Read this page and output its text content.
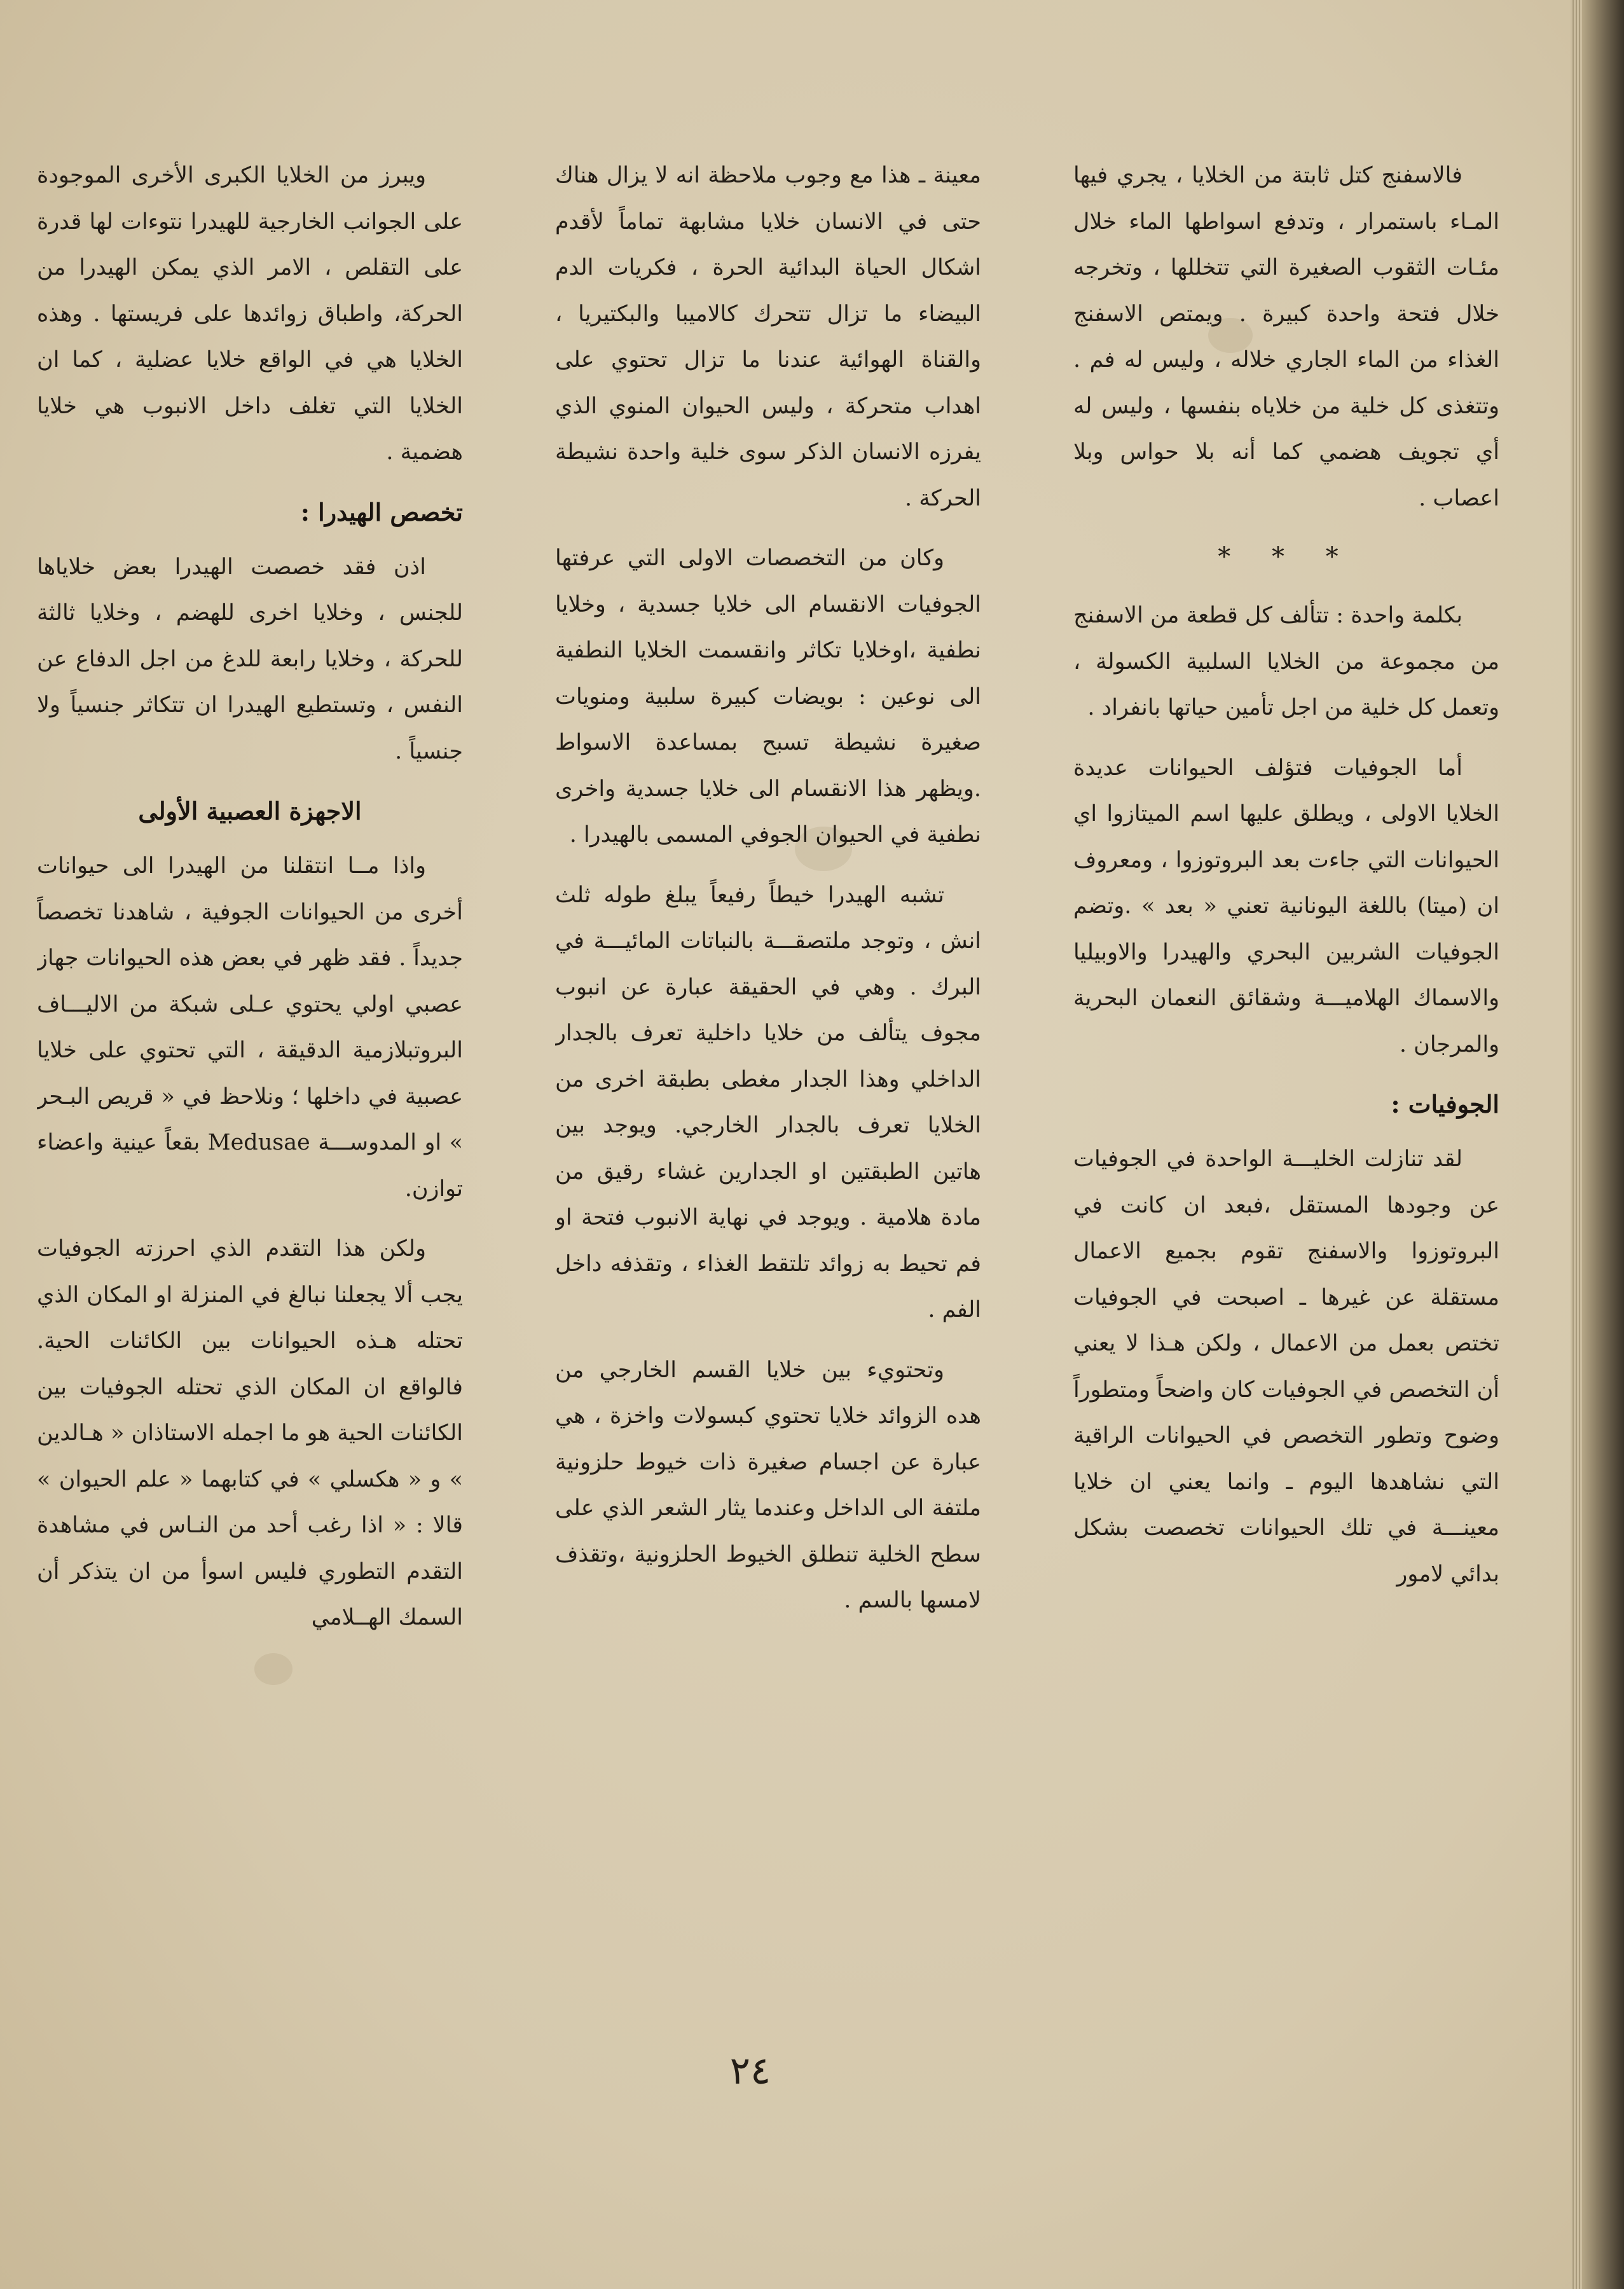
فالاسفنج كتل ثابتة من الخلايا ، يجري فيها المـاء باستمرار ، وتدفع اسواطها الماء خلال مئـات الثقوب الصغيرة التي تتخللها ، وتخرجه خلال فتحة واحدة كبيرة . ويمتص الاسفنج الغذاء من الماء الجاري خلاله ، وليس له فم . وتتغذى كل خلية من خلاياه بنفسها ، وليس له أي تجويف هضمي كما أنه بلا حواس وبلا اعصاب .

* * *

بكلمة واحدة : تتألف كل قطعة من الاسفنج من مجموعة من الخلايا السلبية الكسولة ، وتعمل كل خلية من اجل تأمين حياتها بانفراد .

أما الجوفيات فتؤلف الحيوانات عديدة الخلايا الاولى ، ويطلق عليها اسم الميتازوا اي الحيوانات التي جاءت بعد البروتوزوا ، ومعروف ان (ميتا) باللغة اليونانية تعني « بعد » .وتضم الجوفيات الشربين البحري والهيدرا والاوبيليا والاسماك الهلاميـــة وشقائق النعمان البحرية والمرجان .

الجوفيات :

لقد تنازلت الخليـــة الواحدة في الجوفيات عن وجودها المستقل ،فبعد ان كانت في البروتوزوا والاسفنج تقوم بجميع الاعمال مستقلة عن غيرها ـ اصبحت في الجوفيات تختص بعمل من الاعمال ، ولكن هـذا لا يعني أن التخصص في الجوفيات كان واضحاً ومتطوراً وضوح وتطور التخصص في الحيوانات الراقية التي نشاهدها اليوم ـ وانما يعني ان خلايا معينـــة في تلك الحيوانات تخصصت بشكل بدائي لامور

معينة ـ هذا مع وجوب ملاحظة انه لا يزال هناك حتى في الانسان خلايا مشابهة تماماً لأقدم اشكال الحياة البدائية الحرة ، فكريات الدم البيضاء ما تزال تتحرك كالاميبا والبكتيريا ، والقناة الهوائية عندنا ما تزال تحتوي على اهداب متحركة ، وليس الحيوان المنوي الذي يفرزه الانسان الذكر سوى خلية واحدة نشيطة الحركة .

وكان من التخصصات الاولى التي عرفتها الجوفيات الانقسام الى خلايا جسدية ، وخلايا نطفية ،اوخلايا تكاثر وانقسمت الخلايا النطفية الى نوعين : بويضات كبيرة سلبية ومنويات صغيرة نشيطة تسبح بمساعدة الاسواط .ويظهر هذا الانقسام الى خلايا جسدية واخرى نطفية في الحيوان الجوفي المسمى بالهيدرا .

تشبه الهيدرا خيطاً رفيعاً يبلغ طوله ثلث انش ، وتوجد ملتصقـــة بالنباتات المائيـــة في البرك . وهي في الحقيقة عبارة عن انبوب مجوف يتألف من خلايا داخلية تعرف بالجدار الداخلي وهذا الجدار مغطى بطبقة اخرى من الخلايا تعرف بالجدار الخارجي. ويوجد بين هاتين الطبقتين او الجدارين غشاء رقيق من مادة هلامية . ويوجد في نهاية الانبوب فتحة او فم تحيط به زوائد تلتقط الغذاء ، وتقذفه داخل الفم .

وتحتويء بين خلايا القسم الخارجي من هده الزوائد خلايا تحتوي كبسولات واخزة ، هي عبارة عن اجسام صغيرة ذات خيوط حلزونية ملتفة الى الداخل وعندما يثار الشعر الذي على سطح الخلية تنطلق الخيوط الحلزونية ،وتقذف لامسها بالسم .

ويبرز من الخلايا الكبرى الأخرى الموجودة على الجوانب الخارجية للهيدرا نتوءات لها قدرة على التقلص ، الامر الذي يمكن الهيدرا من الحركة، واطباق زوائدها على فريستها . وهذه الخلايا هي في الواقع خلايا عضلية ، كما ان الخلايا التي تغلف داخل الانبوب هي خلايا هضمية .

تخصص الهيدرا :

اذن فقد خصصت الهيدرا بعض خلاياها للجنس ، وخلايا اخرى للهضم ، وخلايا ثالثة للحركة ، وخلايا رابعة للدغ من اجل الدفاع عن النفس ، وتستطيع الهيدرا ان تتكاثر جنسياً ولا جنسياً .

الاجهزة العصبية الأولى

واذا مــا انتقلنا من الهيدرا الى حيوانات أخرى من الحيوانات الجوفية ، شاهدنا تخصصاً جديداً . فقد ظهر في بعض هذه الحيوانات جهاز عصبي اولي يحتوي عـلى شبكة من الاليـــاف البروتبلازمية الدقيقة ، التي تحتوي على خلايا عصبية في داخلها ؛ ونلاحظ في « قريص البـحر » او المدوســـة Medusae بقعاً عينية واعضاء توازن.

ولكن هذا التقدم الذي احرزته الجوفيات يجب ألا يجعلنا نبالغ في المنزلة او المكان الذي تحتله هـذه الحيوانات بين الكائنات الحية. فالواقع ان المكان الذي تحتله الجوفيات بين الكائنات الحية هو ما اجمله الاستاذان « هـالدين » و « هكسلي » في كتابهما « علم الحيوان » قالا : « اذا رغب أحد من النـاس في مشاهدة التقدم التطوري فليس اسوأ من ان يتذكر أن السمك الهــلامي

٢٤
